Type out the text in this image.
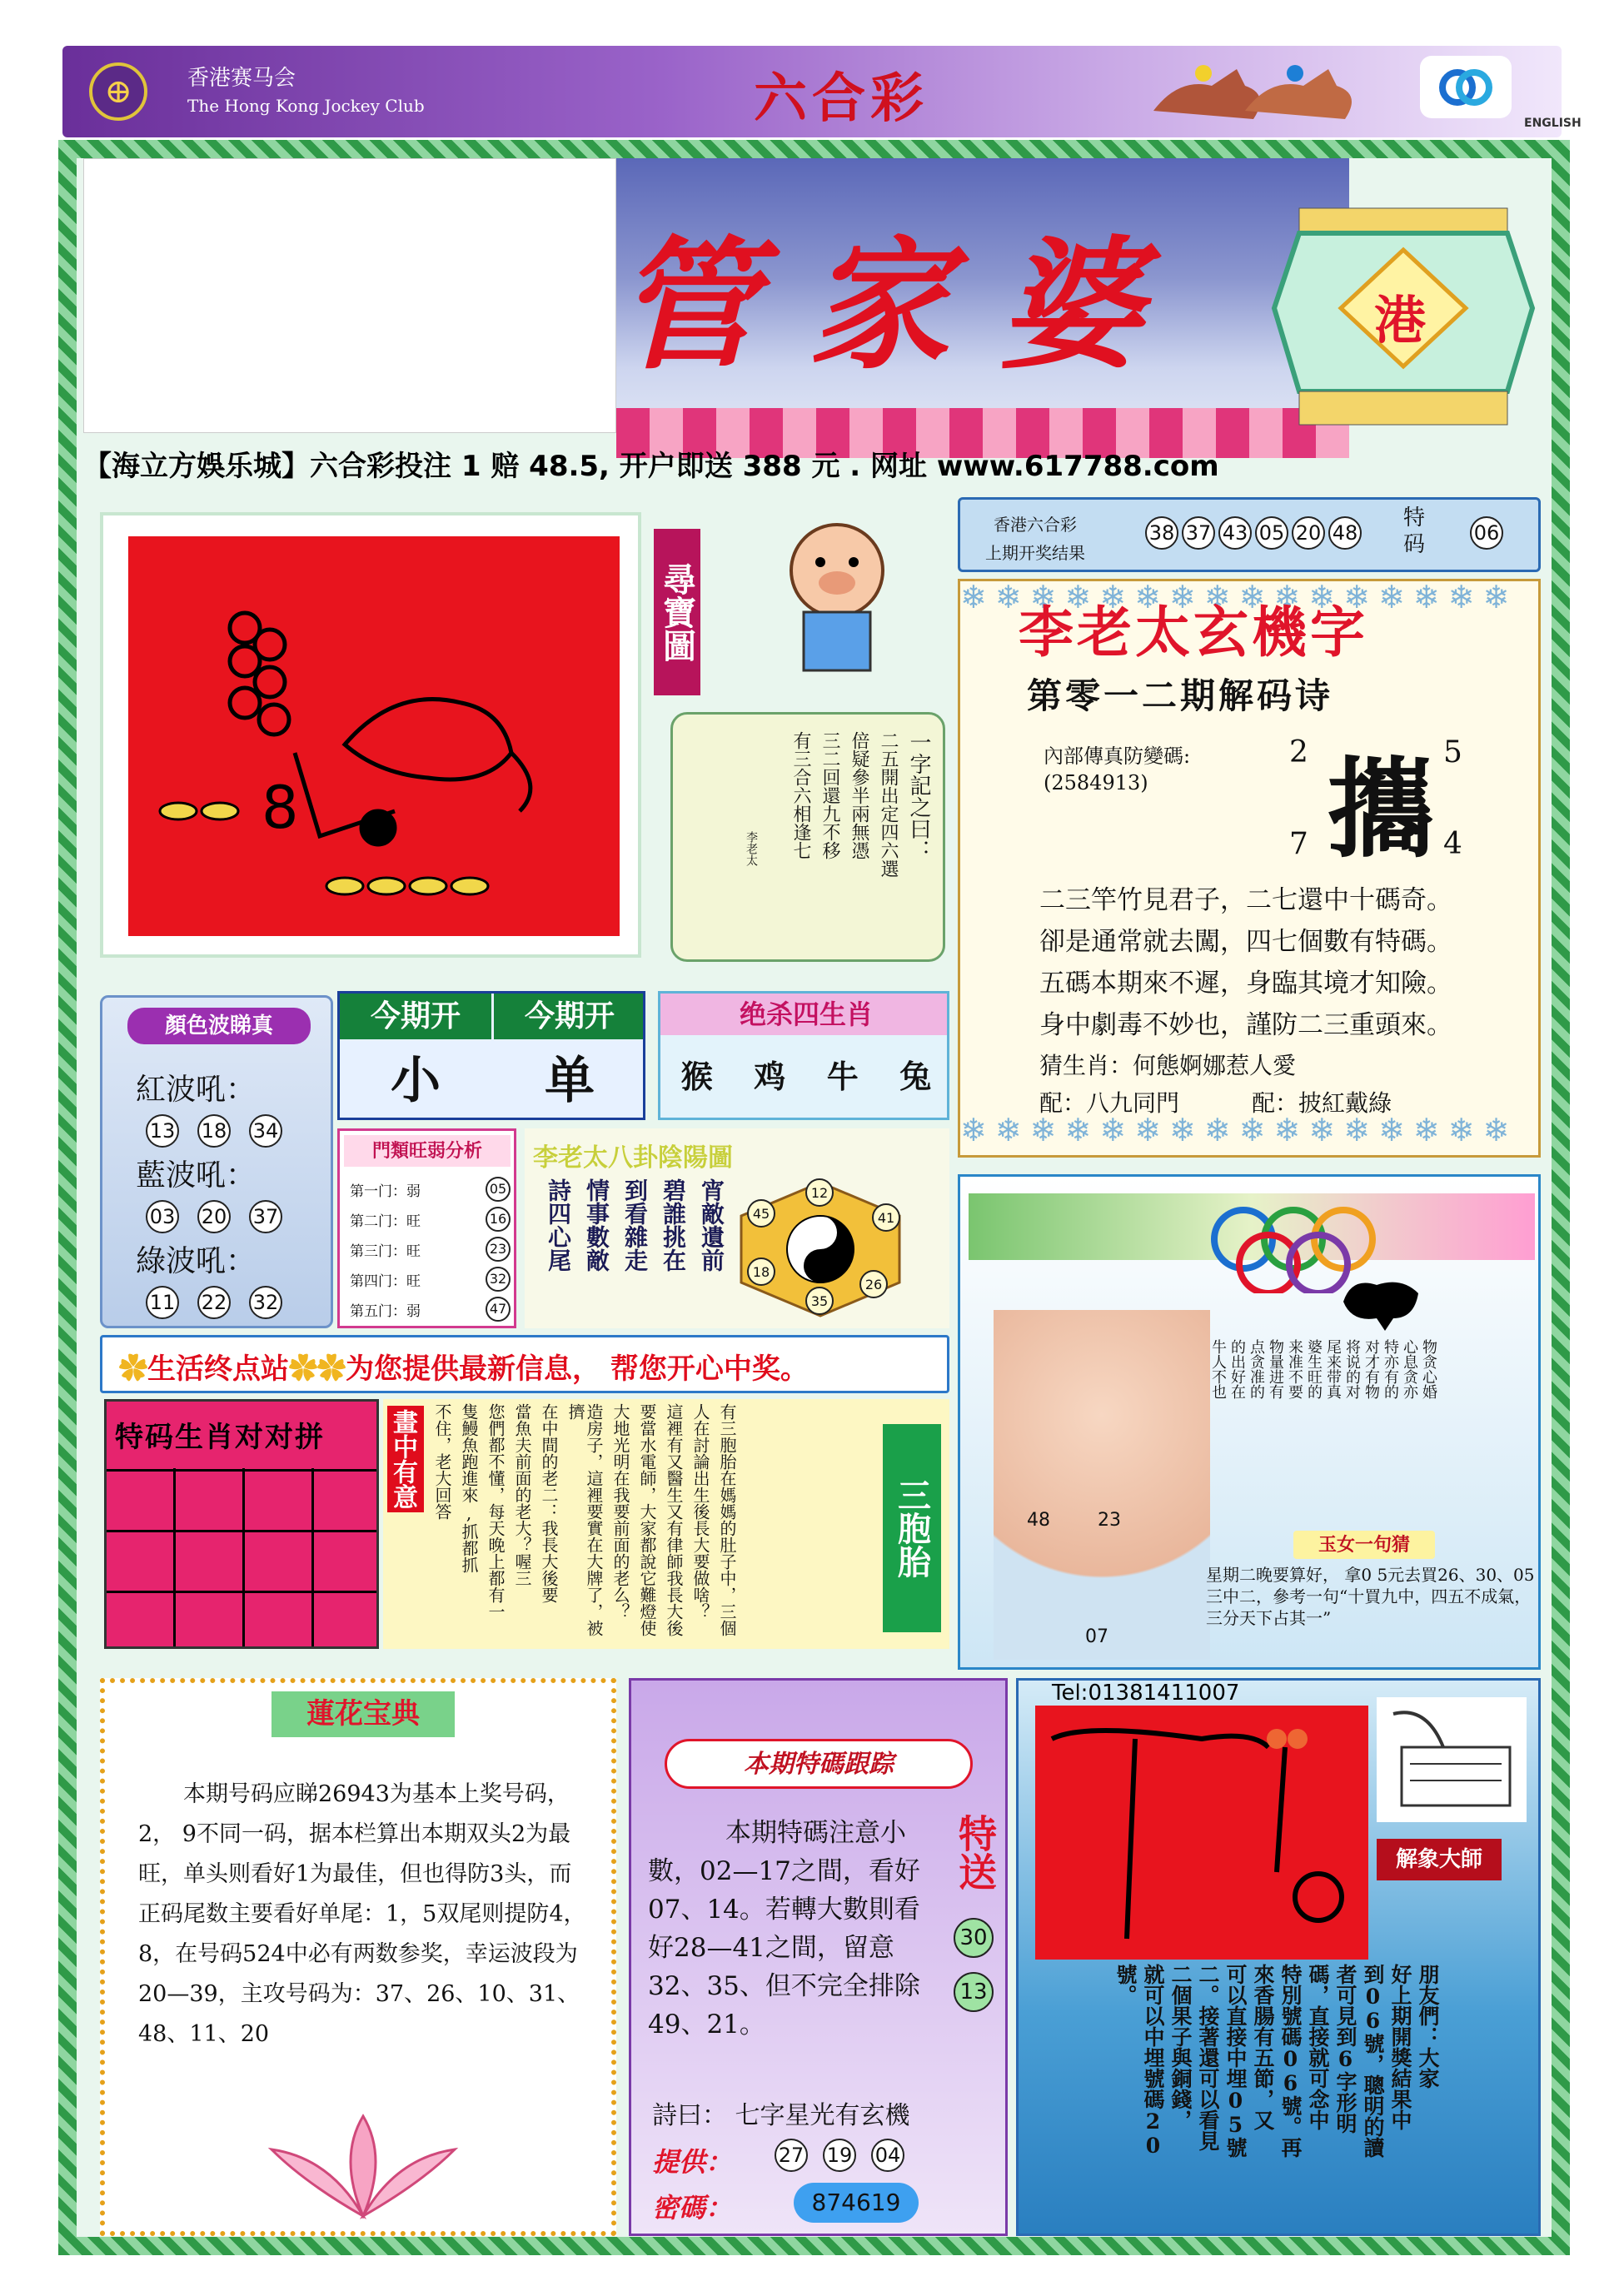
⊕	香港赛马会
The Hong Kong Jockey Club	六合彩	ENGLISH
管家婆	港
【海立方娛乐城】六合彩投注 1 赔 48.5, 开户即送 388 元 . 网址 www.617788.com
8
尋寶圖
一字記之曰：
二五開出定四六選
倍疑參半兩無憑
三二回還九不移
有三合六相逢七
李老太
香港六合彩
上期开奖结果
38 37 43 05 20 48
特码 06
❄❄❄❄❄❄❄❄❄❄❄❄❄❄❄❄
❄❄❄❄❄❄❄❄❄❄❄❄❄❄❄❄
李老太玄機字
第零一二期解码诗
內部傳真防變碼:
(2584913) 攜
2	5
7	4
二三竿竹見君子，二七還中十碼奇。
卻是通常就去闖，四七個數有特碼。
五碼本期來不遲，身臨其境才知險。
身中劇毒不妙也，謹防二三重頭來。
猜生肖：何態婀娜惹人愛
配：八九同門	配：披紅戴綠
顏色波睇真
紅波吼：
13 18 34
藍波吼：
03 20 37
綠波吼：
11 22 32
今期开	今期开
小	单
绝杀四生肖
猴 鸡 牛 兔
門類旺弱分析
第一门：弱	05
第二门：旺	16
第三门：旺	23
第四门：旺	32
第五门：弱	47
李老太八卦陰陽圖
宵敵遺前
碧誰挑在
到看雜走
情事數敵
詩四心尾	12
41
26
35
18
45
✿生活终点站✿✿为您提供最新信息， 帮您开心中奖。
特码生肖对对拼	畫中有意	有三胞胎在媽媽的肚子中，三個
人在討論出生後長大要做啥？
這裡有又醫生又有律師我長大後
要當水電師，大家都說它難燈使
大地光明在我要前面的老么？
造房子，這裡要實在大牌了，被擠
在中間的老二：我長大後要
當魚夫前面的老大？喔三
您們都不懂，每天晚上都有一
隻鰻魚跑進來,抓都抓
不住，老大回答
三胞胎	48	23
07
物贪心婚
心息贪亦
特亦有的
对才有物
将说的对
尾来带真
婆生旺的
来准不要
物量进有
点贪准的
的出好在
牛人不也
玉女一句猜
星期二晚要算好， 拿0 5元去買26、30、05三中二，參考一句“十買九中，四五不成氣，三分天下占其一”
蓮花宝典
本期号码应睇26943为基本上奖号码，2， 9不同一码，据本栏算出本期双头2为最旺，单头则看好1为最佳，但也得防3头，而正码尾数主要看好单尾：1，5双尾则提防4，8，在号码524中必有两数参奖，幸运波段为20—39，主攻号码为：37、26、10、31、48、11、20
本期特碼跟踪
本期特碼注意小數，02—17之間，看好07、14。若轉大數則看好28—41之間，留意32、35、但不完全排除49、21。
特送
30
13
詩曰： 七字星光有玄機
提供： 27 19 04
密碼：	874619
Tel:01381411007
解象大師
朋友們：大家
好上期開獎結果中
到06號，聰明的讀
者可見到6字形明
碼，直接就可念中
特別號碼06號。再
來香腸有五節，又
可以直接中埋05號
二。接著還可以看見
二個果子與銅錢，
就可以中埋號碼20
號。
